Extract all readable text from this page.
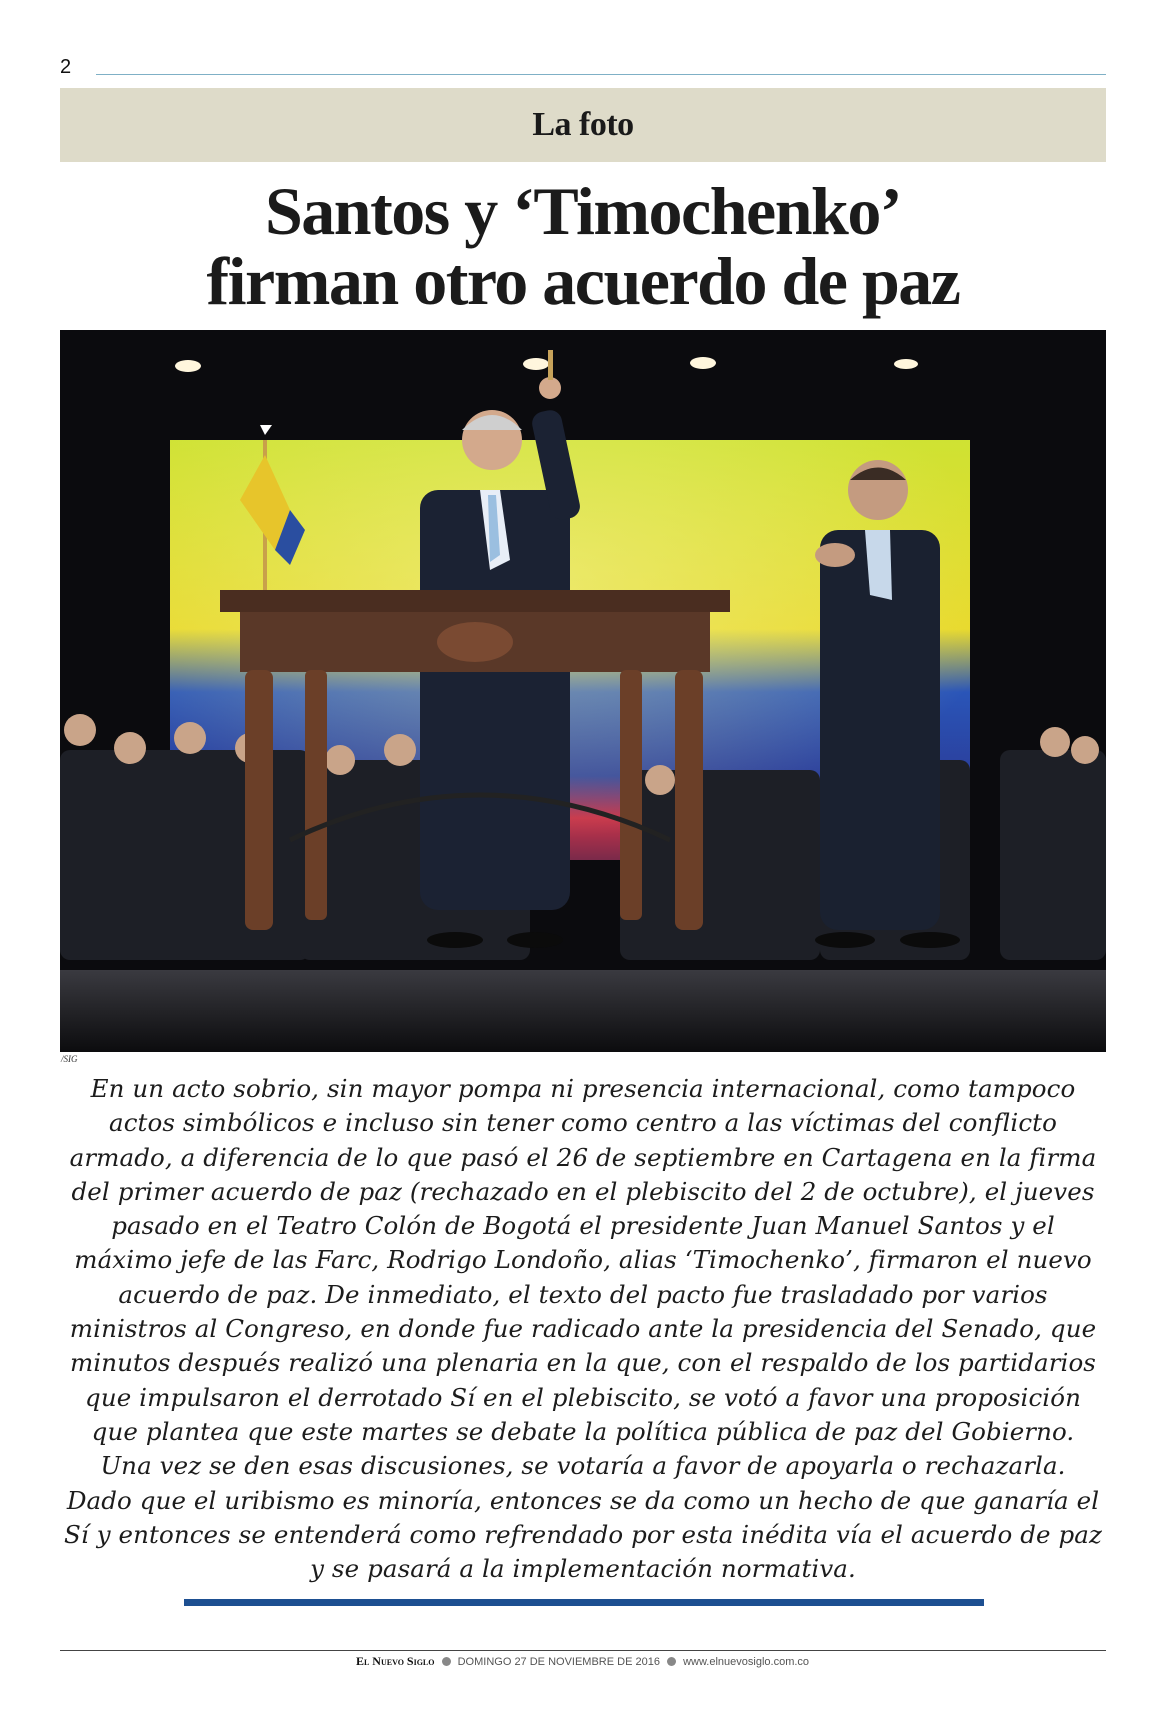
2
La foto
Santos y ‘Timochenko’
firman otro acuerdo de paz
/SIG

En un acto sobrio, sin mayor pompa ni presencia internacional, como tampoco actos simbólicos e incluso sin tener como centro a las víctimas del conflicto armado, a diferencia de lo que pasó el 26 de septiembre en Cartagena en la firma del primer acuerdo de paz (rechazado en el plebiscito del 2 de octubre), el jueves pasado en el Teatro Colón de Bogotá el presidente Juan Manuel Santos y el máximo jefe de las Farc, Rodrigo Londoño, alias ‘Timochenko’, firmaron el nuevo acuerdo de paz. De inmediato, el texto del pacto fue trasladado por varios ministros al Congreso, en donde fue radicado ante la presidencia del Senado, que minutos después realizó una plenaria en la que, con el respaldo de los partidarios que impulsaron el derrotado Sí en el plebiscito, se votó a favor una proposición que plantea que este martes se debate la política pública de paz del Gobierno. Una vez se den esas discusiones, se votaría a favor de apoyarla o rechazarla. Dado que el uribismo es minoría, entonces se da como un hecho de que ganaría el Sí y entonces se entenderá como refrendado por esta inédita vía el acuerdo de paz y se pasará a la implementación normativa.

El Nuevo Siglo DOMINGO 27 DE NOVIEMBRE DE 2016 www.elnuevosiglo.com.co
